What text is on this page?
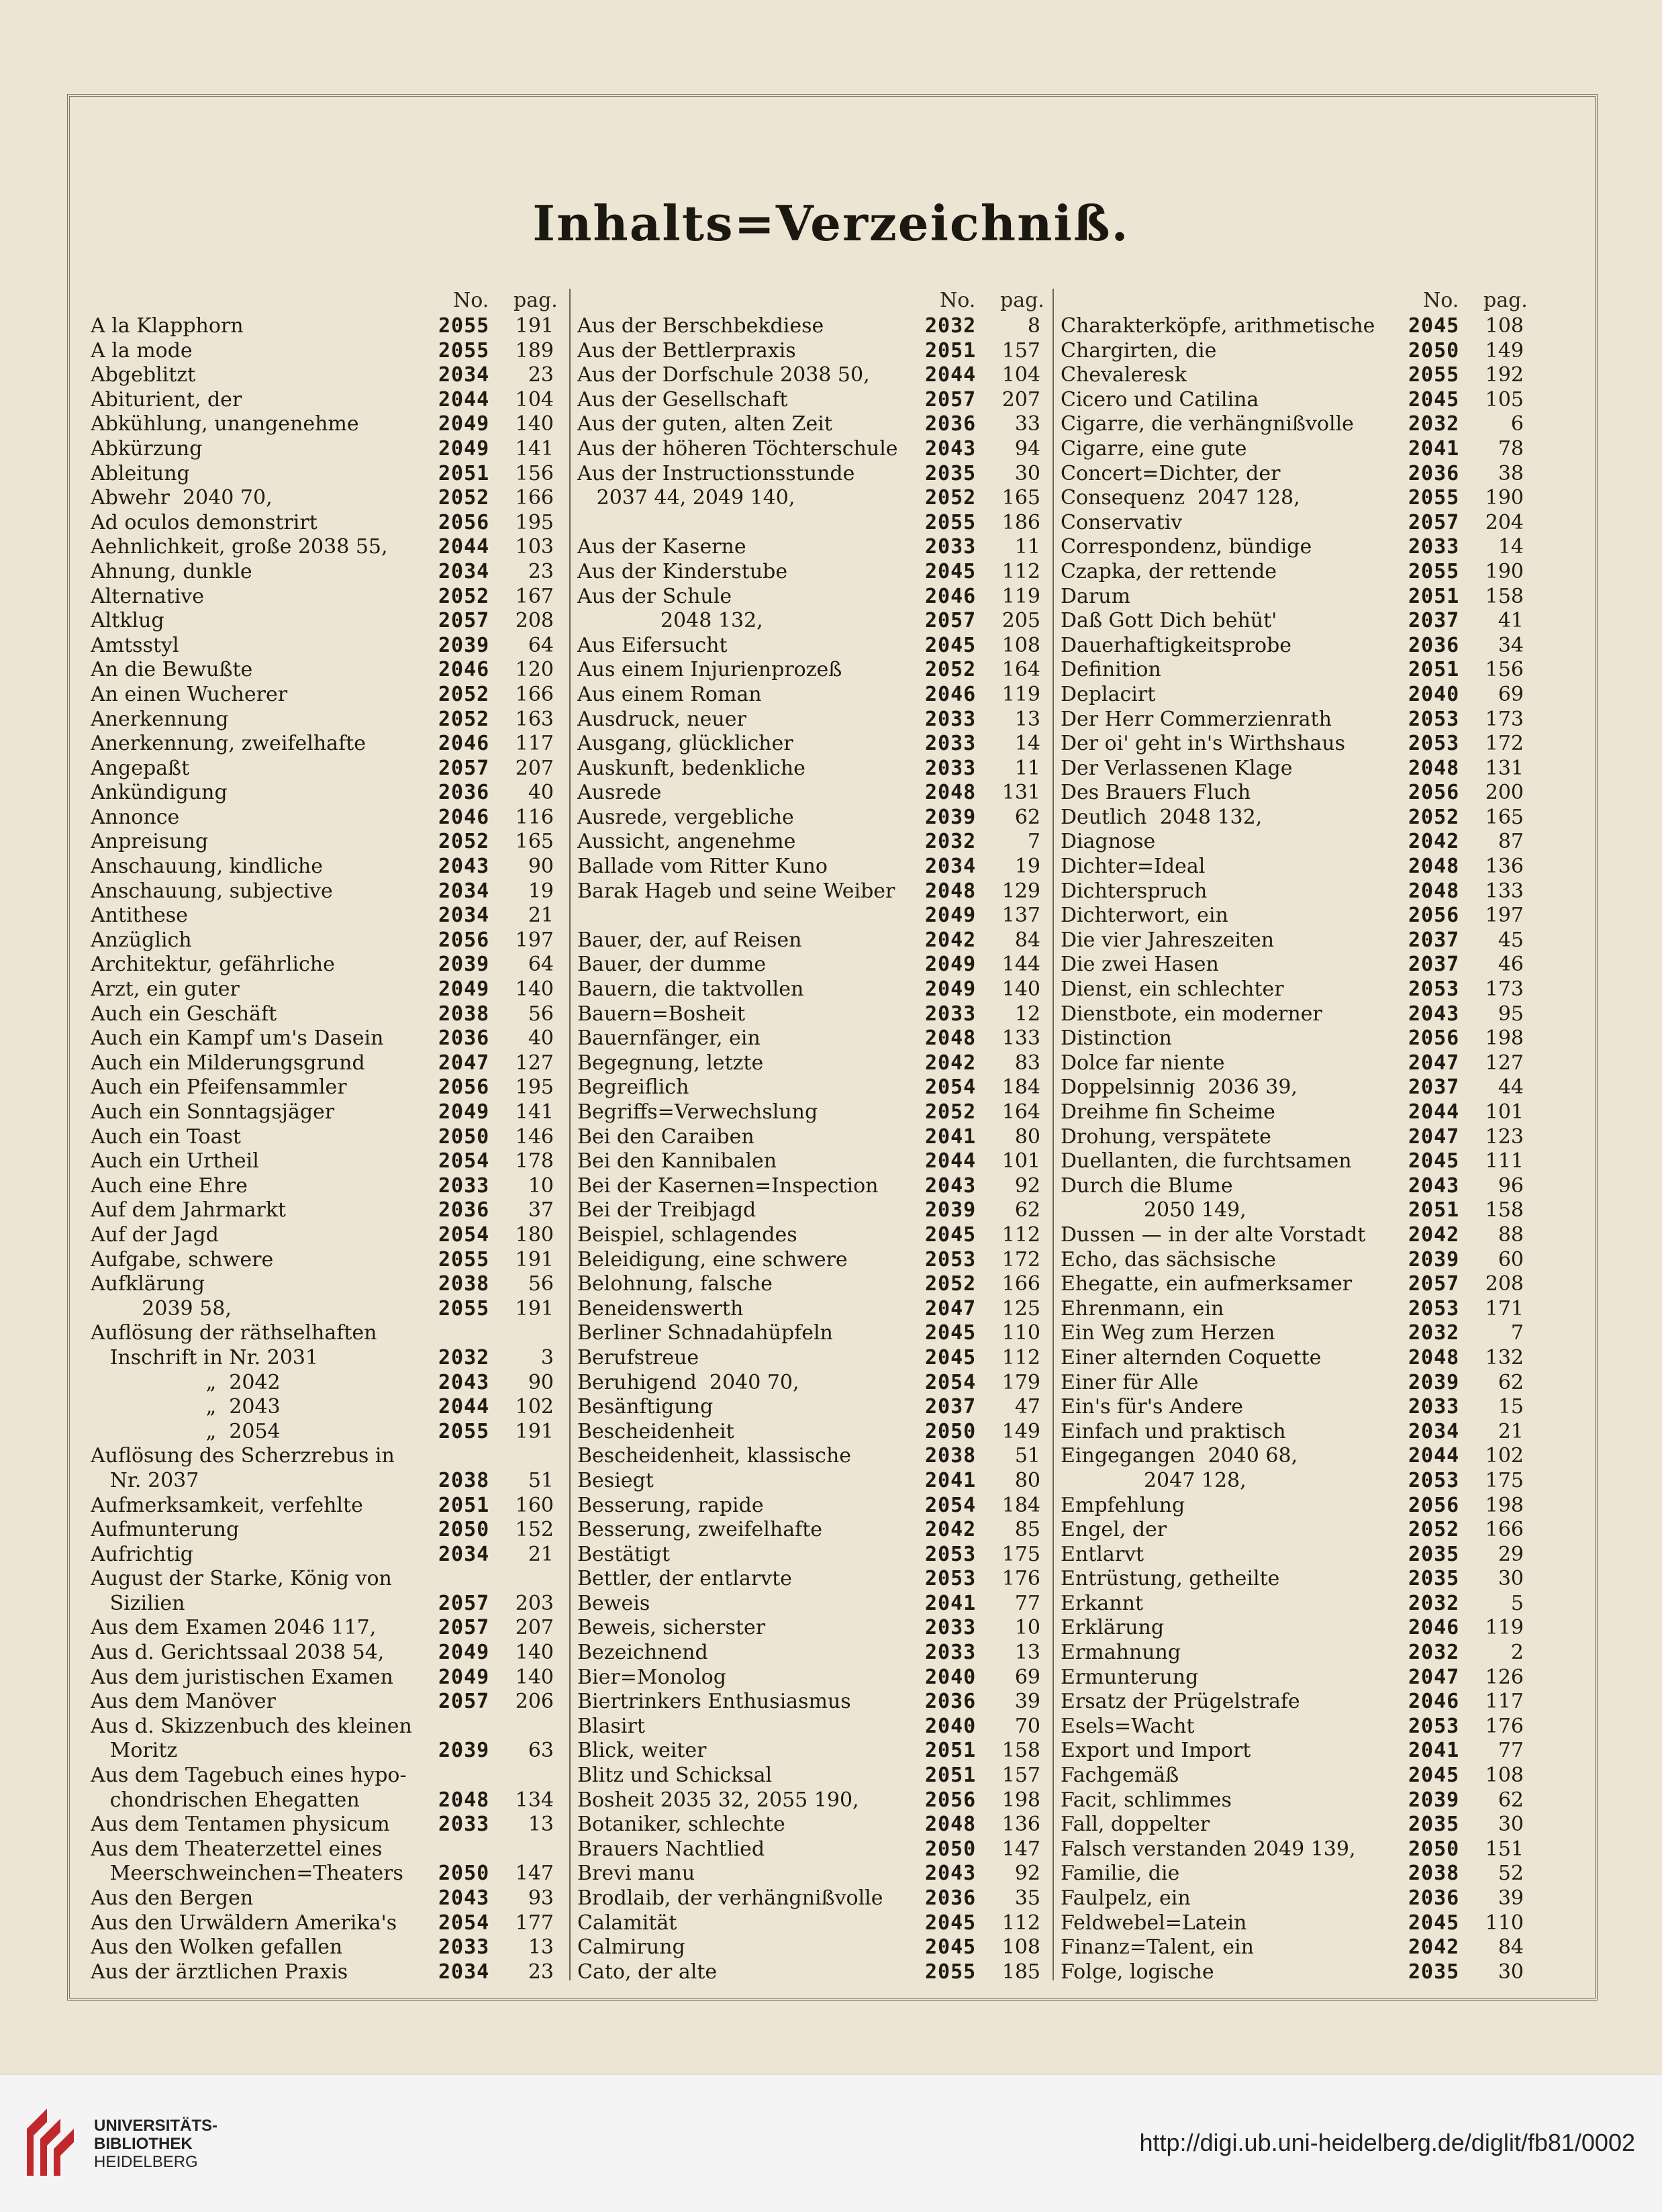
Inhalts=Verzeichniß.
No. pag.
A la Klapphorn	2055	191
A la mode	2055	189
Abgeblitzt	2034	23
Abiturient, der	2044	104
Abkühlung, unangenehme	2049	140
Abkürzung	2049	141
Ableitung	2051	156
Abwehr  2040 70,	2052	166
Ad oculos demonstrirt	2056	195
Aehnlichkeit, große 2038 55,	2044	103
Ahnung, dunkle	2034	23
Alternative	2052	167
Altklug	2057	208
Amtsstyl	2039	64
An die Bewußte	2046	120
An einen Wucherer	2052	166
Anerkennung	2052	163
Anerkennung, zweifelhafte	2046	117
Angepaßt	2057	207
Ankündigung	2036	40
Annonce	2046	116
Anpreisung	2052	165
Anschauung, kindliche	2043	90
Anschauung, subjective	2034	19
Antithese	2034	21
Anzüglich	2056	197
Architektur, gefährliche	2039	64
Arzt, ein guter	2049	140
Auch ein Geschäft	2038	56
Auch ein Kampf um's Dasein	2036	40
Auch ein Milderungsgrund	2047	127
Auch ein Pfeifensammler	2056	195
Auch ein Sonntagsjäger	2049	141
Auch ein Toast	2050	146
Auch ein Urtheil	2054	178
Auch eine Ehre	2033	10
Auf dem Jahrmarkt	2036	37
Auf der Jagd	2054	180
Aufgabe, schwere	2055	191
Aufklärung	2038	56
2039 58,	2055	191
Auflösung der räthselhaften
Inschrift in Nr. 2031	2032	3
„  2042	2043	90
„  2043	2044	102
„  2054	2055	191
Auflösung des Scherzrebus in
Nr. 2037	2038	51
Aufmerksamkeit, verfehlte	2051	160
Aufmunterung	2050	152
Aufrichtig	2034	21
August der Starke, König von
Sizilien	2057	203
Aus dem Examen 2046 117,	2057	207
Aus d. Gerichtssaal 2038 54,	2049	140
Aus dem juristischen Examen	2049	140
Aus dem Manöver	2057	206
Aus d. Skizzenbuch des kleinen
Moritz	2039	63
Aus dem Tagebuch eines hypo-
chondrischen Ehegatten	2048	134
Aus dem Tentamen physicum	2033	13
Aus dem Theaterzettel eines
Meerschweinchen=Theaters	2050	147
Aus den Bergen	2043	93
Aus den Urwäldern Amerika's	2054	177
Aus den Wolken gefallen	2033	13
Aus der ärztlichen Praxis	2034	23
No. pag.
Aus der Berschbekdiese	2032	8
Aus der Bettlerpraxis	2051	157
Aus der Dorfschule 2038 50,	2044	104
Aus der Gesellschaft	2057	207
Aus der guten, alten Zeit	2036	33
Aus der höheren Töchterschule	2043	94
Aus der Instructionsstunde	2035	30
2037 44, 2049 140,	2052	165
2055	186
Aus der Kaserne	2033	11
Aus der Kinderstube	2045	112
Aus der Schule	2046	119
2048 132,	2057	205
Aus Eifersucht	2045	108
Aus einem Injurienprozeß	2052	164
Aus einem Roman	2046	119
Ausdruck, neuer	2033	13
Ausgang, glücklicher	2033	14
Auskunft, bedenkliche	2033	11
Ausrede	2048	131
Ausrede, vergebliche	2039	62
Aussicht, angenehme	2032	7
Ballade vom Ritter Kuno	2034	19
Barak Hageb und seine Weiber	2048	129
2049	137
Bauer, der, auf Reisen	2042	84
Bauer, der dumme	2049	144
Bauern, die taktvollen	2049	140
Bauern=Bosheit	2033	12
Bauernfänger, ein	2048	133
Begegnung, letzte	2042	83
Begreiflich	2054	184
Begriffs=Verwechslung	2052	164
Bei den Caraiben	2041	80
Bei den Kannibalen	2044	101
Bei der Kasernen=Inspection	2043	92
Bei der Treibjagd	2039	62
Beispiel, schlagendes	2045	112
Beleidigung, eine schwere	2053	172
Belohnung, falsche	2052	166
Beneidenswerth	2047	125
Berliner Schnadahüpfeln	2045	110
Berufstreue	2045	112
Beruhigend  2040 70,	2054	179
Besänftigung	2037	47
Bescheidenheit	2050	149
Bescheidenheit, klassische	2038	51
Besiegt	2041	80
Besserung, rapide	2054	184
Besserung, zweifelhafte	2042	85
Bestätigt	2053	175
Bettler, der entlarvte	2053	176
Beweis	2041	77
Beweis, sicherster	2033	10
Bezeichnend	2033	13
Bier=Monolog	2040	69
Biertrinkers Enthusiasmus	2036	39
Blasirt	2040	70
Blick, weiter	2051	158
Blitz und Schicksal	2051	157
Bosheit 2035 32, 2055 190,	2056	198
Botaniker, schlechte	2048	136
Brauers Nachtlied	2050	147
Brevi manu	2043	92
Brodlaib, der verhängnißvolle	2036	35
Calamität	2045	112
Calmirung	2045	108
Cato, der alte	2055	185
No. pag.
Charakterköpfe, arithmetische	2045	108
Chargirten, die	2050	149
Chevaleresk	2055	192
Cicero und Catilina	2045	105
Cigarre, die verhängnißvolle	2032	6
Cigarre, eine gute	2041	78
Concert=Dichter, der	2036	38
Consequenz  2047 128,	2055	190
Conservativ	2057	204
Correspondenz, bündige	2033	14
Czapka, der rettende	2055	190
Darum	2051	158
Daß Gott Dich behüt'	2037	41
Dauerhaftigkeitsprobe	2036	34
Definition	2051	156
Deplacirt	2040	69
Der Herr Commerzienrath	2053	173
Der oi' geht in's Wirthshaus	2053	172
Der Verlassenen Klage	2048	131
Des Brauers Fluch	2056	200
Deutlich  2048 132,	2052	165
Diagnose	2042	87
Dichter=Ideal	2048	136
Dichterspruch	2048	133
Dichterwort, ein	2056	197
Die vier Jahreszeiten	2037	45
Die zwei Hasen	2037	46
Dienst, ein schlechter	2053	173
Dienstbote, ein moderner	2043	95
Distinction	2056	198
Dolce far niente	2047	127
Doppelsinnig  2036 39,	2037	44
Dreihme fin Scheime	2044	101
Drohung, verspätete	2047	123
Duellanten, die furchtsamen	2045	111
Durch die Blume	2043	96
2050 149,	2051	158
Dussen — in der alte Vorstadt	2042	88
Echo, das sächsische	2039	60
Ehegatte, ein aufmerksamer	2057	208
Ehrenmann, ein	2053	171
Ein Weg zum Herzen	2032	7
Einer alternden Coquette	2048	132
Einer für Alle	2039	62
Ein's für's Andere	2033	15
Einfach und praktisch	2034	21
Eingegangen  2040 68,	2044	102
2047 128,	2053	175
Empfehlung	2056	198
Engel, der	2052	166
Entlarvt	2035	29
Entrüstung, getheilte	2035	30
Erkannt	2032	5
Erklärung	2046	119
Ermahnung	2032	2
Ermunterung	2047	126
Ersatz der Prügelstrafe	2046	117
Esels=Wacht	2053	176
Export und Import	2041	77
Fachgemäß	2045	108
Facit, schlimmes	2039	62
Fall, doppelter	2035	30
Falsch verstanden 2049 139,	2050	151
Familie, die	2038	52
Faulpelz, ein	2036	39
Feldwebel=Latein	2045	110
Finanz=Talent, ein	2042	84
Folge, logische	2035	30
UNIVERSITÄTS-
BIBLIOTHEK
HEIDELBERG
http://digi.ub.uni-heidelberg.de/diglit/fb81/0002
